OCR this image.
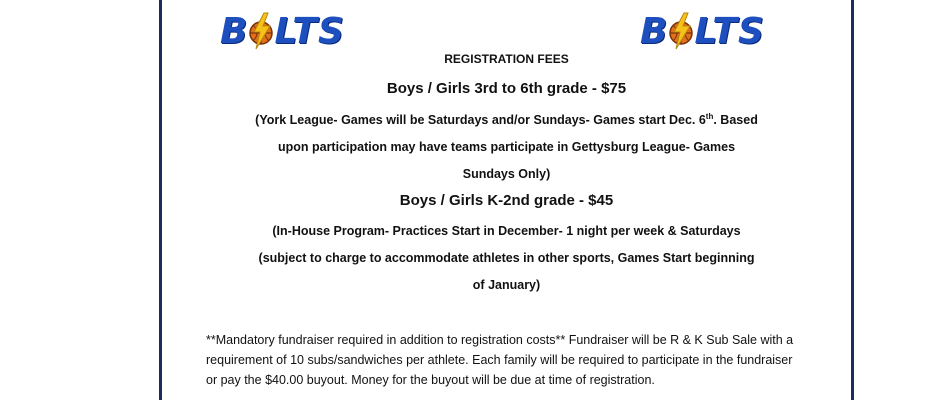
B LTS	B LTS
REGISTRATION FEES
Boys / Girls 3rd to 6th grade - $75
(York League- Games will be Saturdays and/or Sundays- Games start Dec. 6th. Based
upon participation may have teams participate in Gettysburg League- Games
Sundays Only)
Boys / Girls K-2nd grade - $45
(In-House Program- Practices Start in December- 1 night per week & Saturdays
(subject to charge to accommodate athletes in other sports, Games Start beginning
of January)
**Mandatory fundraiser required in addition to registration costs** Fundraiser will be R & K Sub Sale with a
requirement of 10 subs/sandwiches per athlete. Each family will be required to participate in the fundraiser
or pay the $40.00 buyout. Money for the buyout will be due at time of registration.
